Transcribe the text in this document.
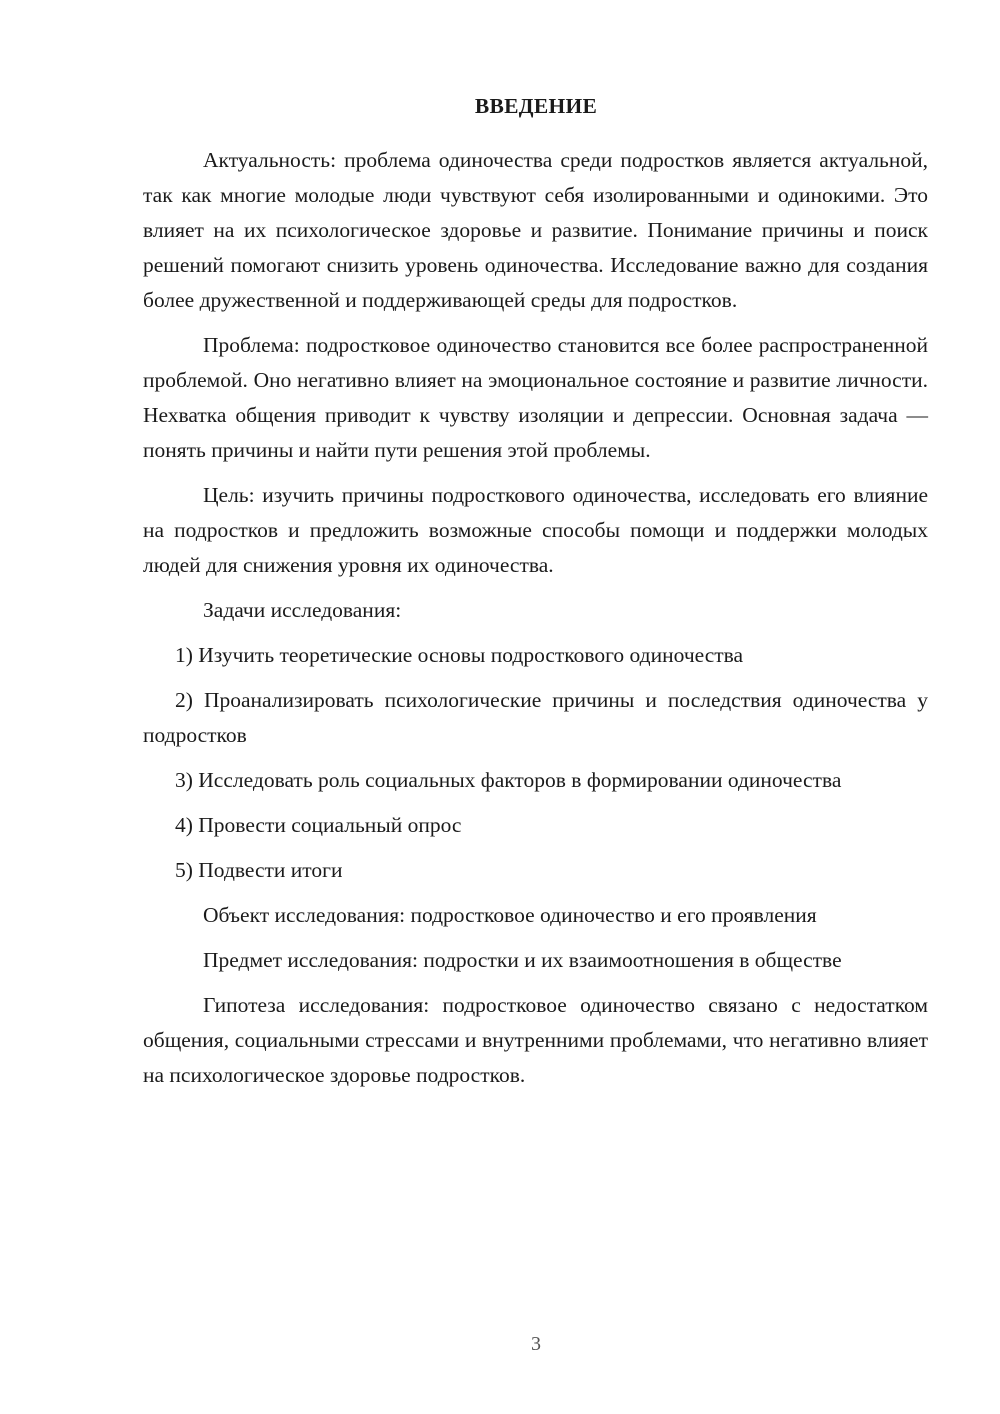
ВВЕДЕНИЕ

Актуальность: проблема одиночества среди подростков является актуальной, так как многие молодые люди чувствуют себя изолированными и одинокими. Это влияет на их психологическое здоровье и развитие. Понимание причины и поиск решений помогают снизить уровень одиночества. Исследование важно для создания более дружественной и поддерживающей среды для подростков.

Проблема: подростковое одиночество становится все более распространенной проблемой. Оно негативно влияет на эмоциональное состояние и развитие личности. Нехватка общения приводит к чувству изоляции и депрессии. Основная задача — понять причины и найти пути решения этой проблемы.

Цель: изучить причины подросткового одиночества, исследовать его влияние на подростков и предложить возможные способы помощи и поддержки молодых людей для снижения уровня их одиночества.

Задачи исследования:

1) Изучить теоретические основы подросткового одиночества

2) Проанализировать психологические причины и последствия одиночества у подростков

3) Исследовать роль социальных факторов в формировании одиночества

4) Провести социальный опрос

5) Подвести итоги

Объект исследования: подростковое одиночество и его проявления

Предмет исследования: подростки и их взаимоотношения в обществе

Гипотеза исследования: подростковое одиночество связано с недостатком общения, социальными стрессами и внутренними проблемами, что негативно влияет на психологическое здоровье подростков.

3
